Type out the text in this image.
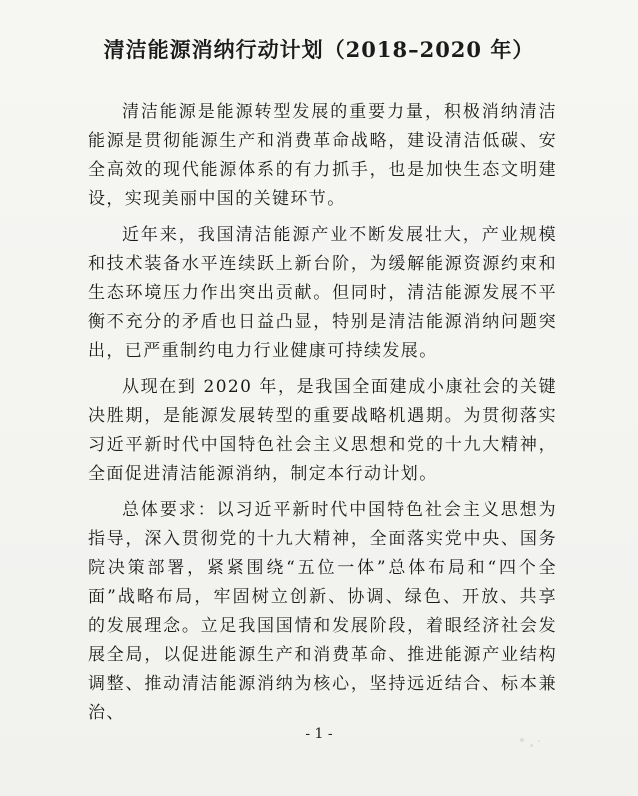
清洁能源消纳行动计划（2018–2020 年）

清洁能源是能源转型发展的重要力量，积极消纳清洁能源是贯彻能源生产和消费革命战略，建设清洁低碳、安全高效的现代能源体系的有力抓手，也是加快生态文明建设，实现美丽中国的关键环节。

近年来，我国清洁能源产业不断发展壮大，产业规模和技术装备水平连续跃上新台阶，为缓解能源资源约束和生态环境压力作出突出贡献。但同时，清洁能源发展不平衡不充分的矛盾也日益凸显，特别是清洁能源消纳问题突出，已严重制约电力行业健康可持续发展。

从现在到 2020 年，是我国全面建成小康社会的关键决胜期，是能源发展转型的重要战略机遇期。为贯彻落实习近平新时代中国特色社会主义思想和党的十九大精神，全面促进清洁能源消纳，制定本行动计划。

总体要求：以习近平新时代中国特色社会主义思想为指导，深入贯彻党的十九大精神，全面落实党中央、国务院决策部署，紧紧围绕“五位一体”总体布局和“四个全面”战略布局，牢固树立创新、协调、绿色、开放、共享的发展理念。立足我国国情和发展阶段，着眼经济社会发展全局，以促进能源生产和消费革命、推进能源产业结构调整、推动清洁能源消纳为核心，坚持远近结合、标本兼治、

- 1 -
